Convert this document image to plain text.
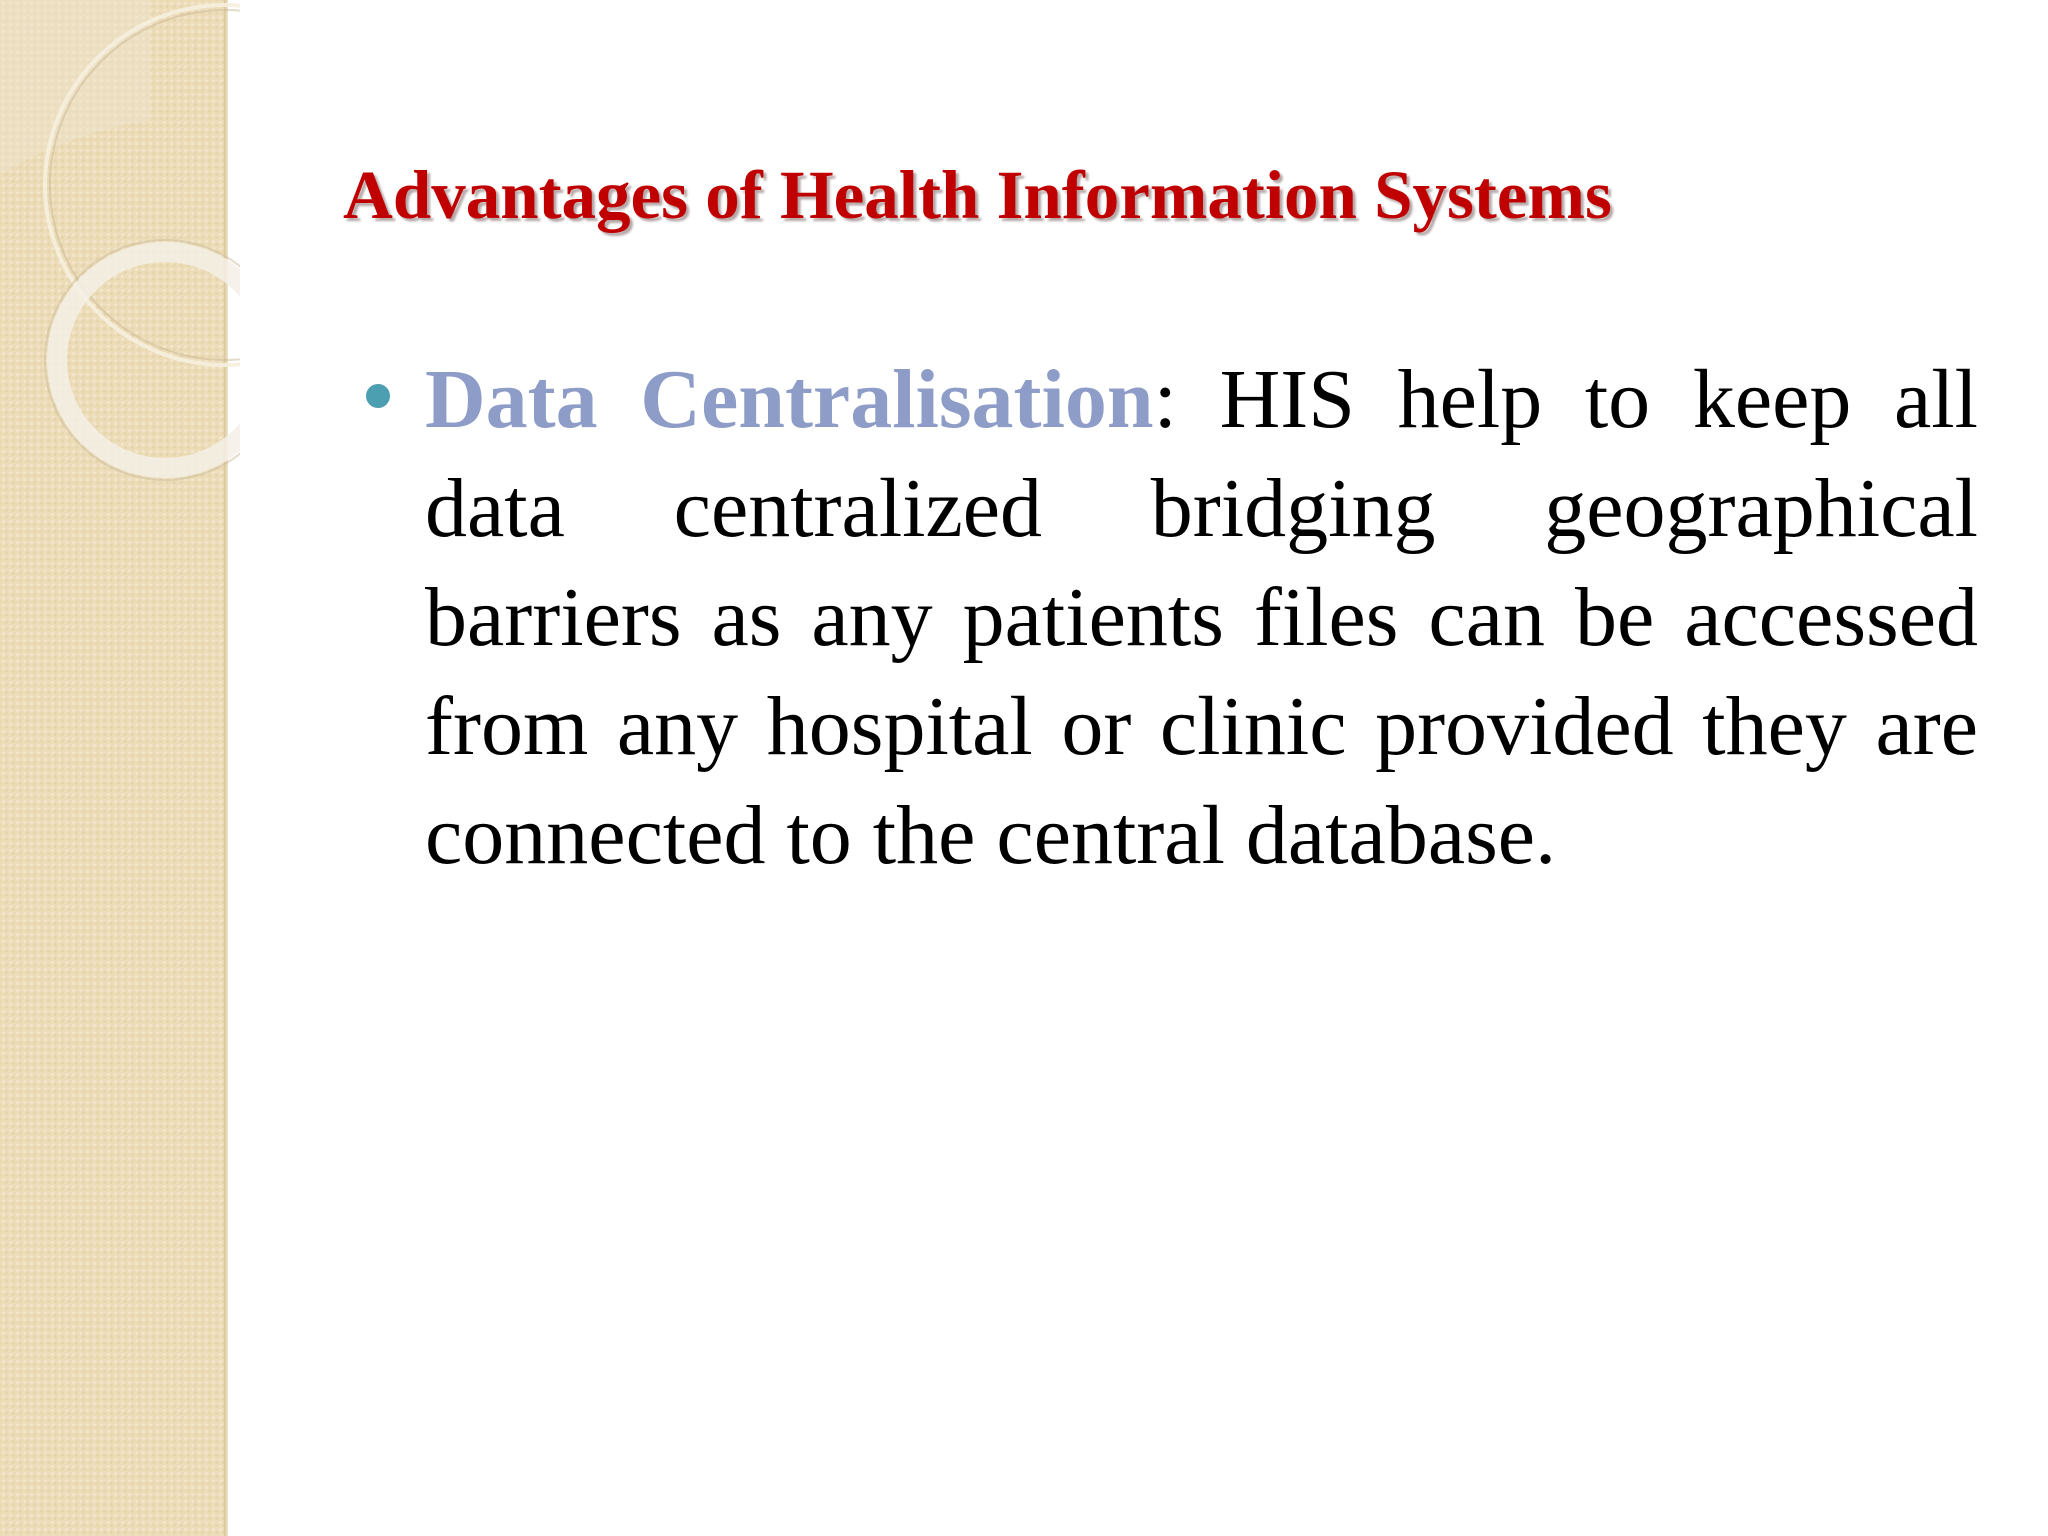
Advantages of Health Information Systems

Data Centralisation: HIS help to keep all data centralized bridging geographical barriers as any patients files can be accessed from any hospital or clinic provided they are connected to the central database.
